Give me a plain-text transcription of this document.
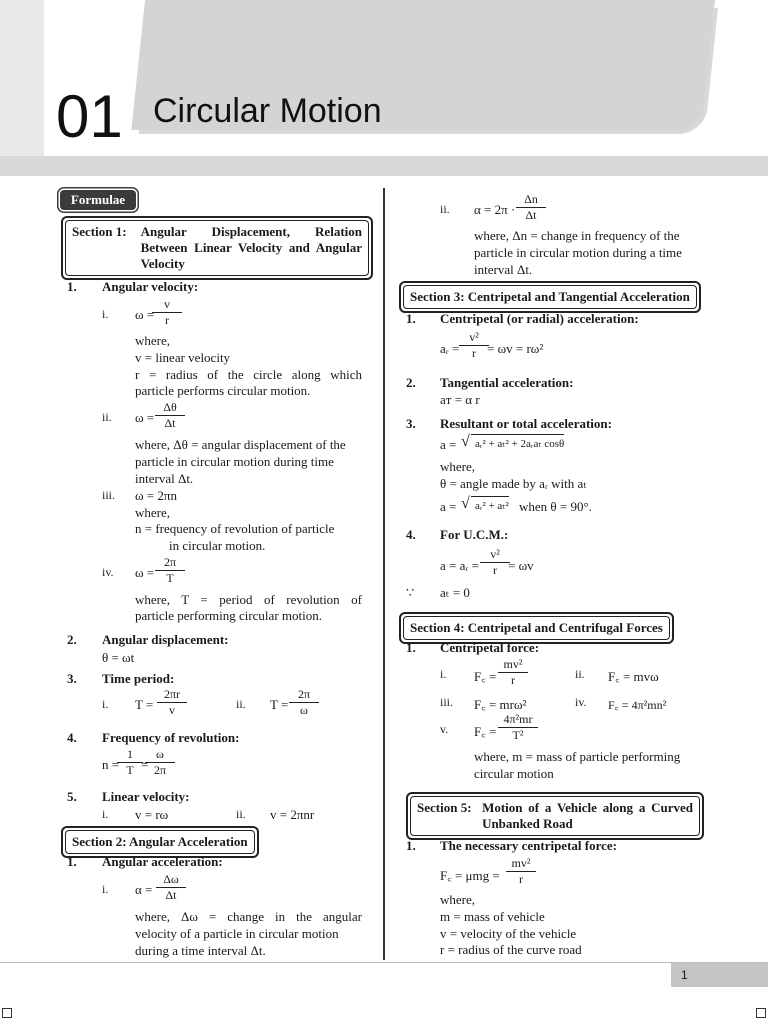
01 Circular Motion
Formulae
Section 1:	Angular Displacement, Relation Between Linear Velocity and Angular Velocity
1. Angular velocity:
i. ω =
$\frac{v}{r}$
where,
v = linear velocity
r = radius of the circle along which
particle performs circular motion.
ii. $\omega = \frac{\Delta\theta}{\Delta t}$
where, Δθ = angular displacement of the
particle in circular motion during time
interval Δt.
iii. ω = 2πn
where,
n = frequency of revolution of particle
in circular motion.
iv. $\omega = \frac{2\pi}{T}$
where, T = period of revolution of
particle performing circular motion.
2. Angular displacement:
θ = ωt
3. Time period:
i. $T = \frac{2\pi r}{v}$	ii. $T = \frac{2\pi}{\omega}$
4. Frequency of revolution:
n =
$\frac{1}{T}$
=
$\frac{\omega}{2\pi}$
5. Linear velocity:
i. v = rω	ii. v = 2πnr
Section 2: Angular Acceleration
1. Angular acceleration:
i. $\alpha = \frac{\Delta\omega}{\Delta t}$
where, Δω = change in the angular
velocity of a particle in circular motion
during a time interval Δt.
ii. $\alpha = 2\pi \cdot \frac{\Delta n}{\Delta t}$
where, Δn = change in frequency of the
particle in circular motion during a time
interval Δt.
Section 3: Centripetal and Tangential Acceleration
1. Centripetal (or radial) acceleration:
aᵣ = $\frac{\text{v²}}{r}$
= ωv = rω²
2. Tangential acceleration:
aᴛ = α r
3. Resultant or total acceleration:
a =	√ aᵣ² + aₜ² + 2aᵣaₜ cosθ
where,
θ = angle made by aᵣ with aₜ
a =	√ aᵣ² + aₜ² when θ = 90°.
4. For U.C.M.:
a = aᵣ = $\frac{\text{v²}}{r}$
= ωv
∵ aₜ = 0
Section 4: Centripetal and Centrifugal Forces
1. Centripetal force:
i. F꜀ = $\frac{\text{mv²}}{r}$	ii. F꜀ = mvω
iii. F꜀ = mrω²	iv. F꜀ = 4π²mn²
v. F꜀ = $\frac{\text{4π²mr}}{\text{T²}}$
where, m = mass of particle performing
circular motion
Section 5: Motion of a Vehicle along a Curved Unbanked Road
1. The necessary centripetal force:
F꜀ = $\mu mg = \frac{\text{mv²}}{r}$
where,
m = mass of vehicle
v = velocity of the vehicle
r = radius of the curve road
1
